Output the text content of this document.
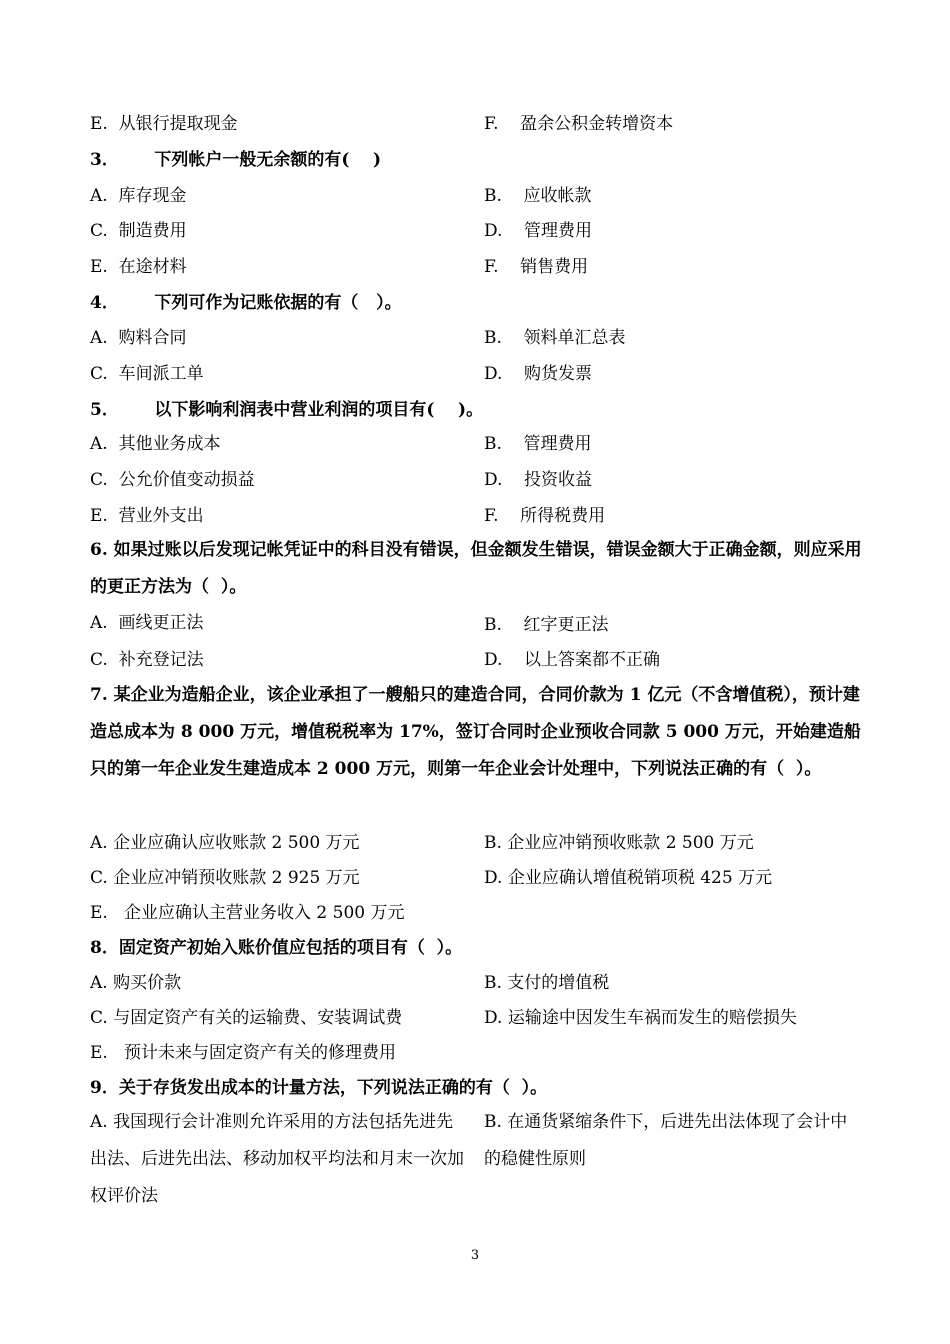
E.  从银行提取现金	F.    盈余公积金转增资本
3．      下列帐户一般无余额的有(    )
A.  库存现金	B.    应收帐款
C.  制造费用	D.    管理费用
E.  在途材料	F.    销售费用
4．      下列可作为记账依据的有（   ）。
A.  购料合同	B.    领料单汇总表
C.  车间派工单	D.    购货发票
5．      以下影响利润表中营业利润的项目有(    )。
A.  其他业务成本	B.    管理费用
C.  公允价值变动损益	D.    投资收益
E.  营业外支出	F.    所得税费用
6. 如果过账以后发现记帐凭证中的科目没有错误，但金额发生错误，错误金额大于正确金额，则应采用的更正方法为（  ）。
A.  画线更正法	B.    红字更正法
C.  补充登记法	D.    以上答案都不正确
7. 某企业为造船企业，该企业承担了一艘船只的建造合同，合同价款为 1 亿元（不含增值税），预计建造总成本为 8 000 万元，增值税税率为 17%，签订合同时企业预收合同款 5 000 万元，开始建造船只的第一年企业发生建造成本 2 000 万元，则第一年企业会计处理中，下列说法正确的有（  ）。
A. 企业应确认应收账款 2 500 万元	B. 企业应冲销预收账款 2 500 万元
C. 企业应冲销预收账款 2 925 万元	D. 企业应确认增值税销项税 425 万元
E.   企业应确认主营业务收入 2 500 万元
8．固定资产初始入账价值应包括的项目有（  ）。
A. 购买价款	B. 支付的增值税
C. 与固定资产有关的运输费、安装调试费	D. 运输途中因发生车祸而发生的赔偿损失
E.   预计未来与固定资产有关的修理费用
9．关于存货发出成本的计量方法，下列说法正确的有（  ）。
A. 我国现行会计准则允许采用的方法包括先进先出法、后进先出法、移动加权平均法和月末一次加权评价法
B. 在通货紧缩条件下，后进先出法体现了会计中的稳健性原则
3
